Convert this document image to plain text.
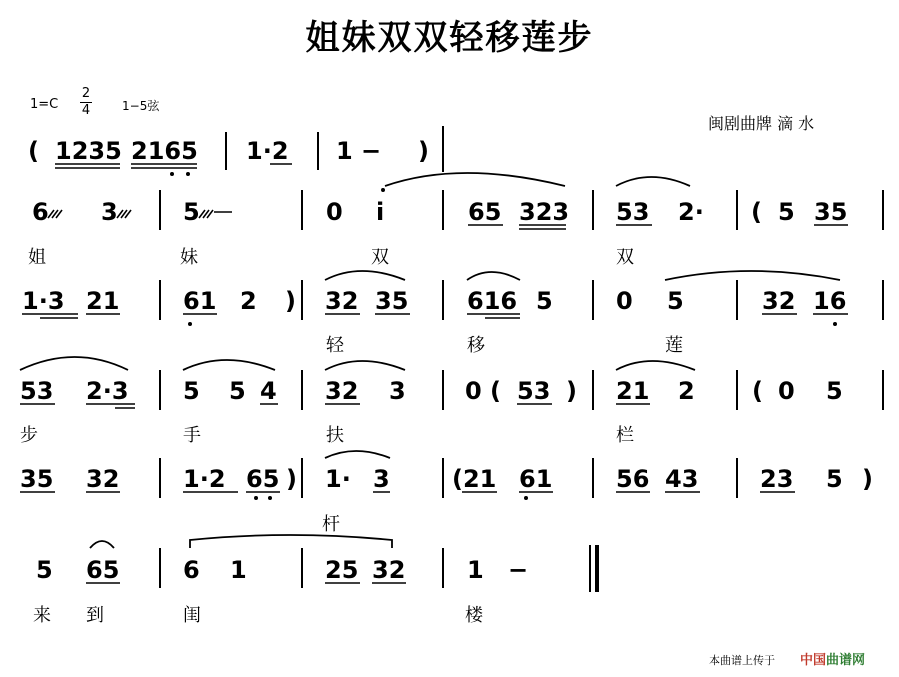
姐妹双双轻移莲步
1=C
2
4	1−5弦
闽剧曲牌 滴 水
( 1235 2165 1·2 1 − )
6 3	5	0 i	65 323 53 2· ( 5 35
姐	妹	双	双
1·3 21	61 2 ) 32 35 616 5	0 5	32 16
轻	移	莲
53 2·3 5 5 4 32 3 0 ( 53 ) 21 2 ( 0 5
步	手	扶	栏
35 32	1·2 65 ) 1· 3	(21 61	56 43	23 5 )
杆
5 65	6 1	25 32	1 −
来 到	闺	楼
本曲谱上传于 中国曲谱网
